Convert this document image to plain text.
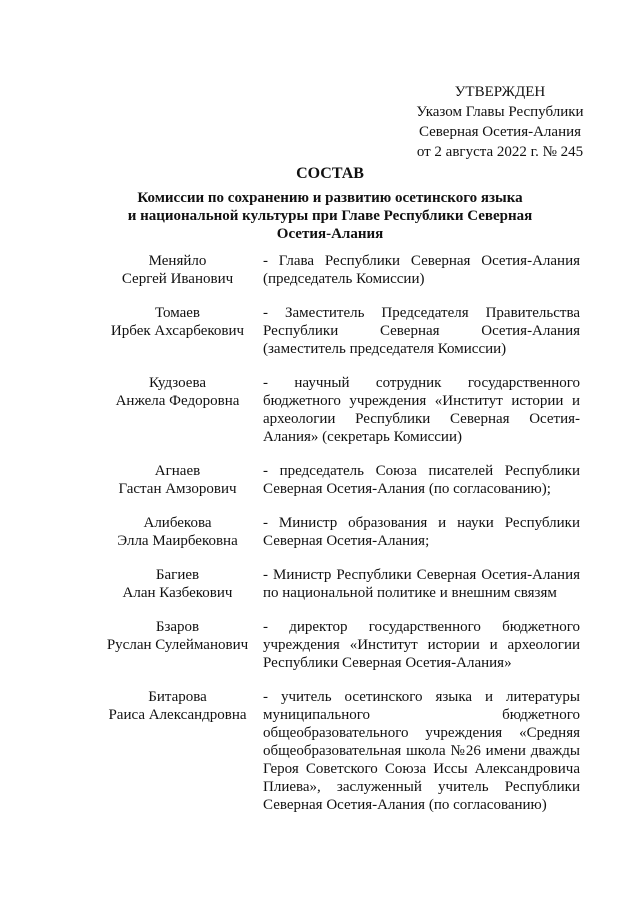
УТВЕРЖДЕН
Указом Главы Республики
Северная Осетия-Алания
от 2 августа 2022 г. № 245
СОСТАВ
Комиссии по сохранению и развитию осетинского языка
и национальной культуры при Главе Республики Северная
Осетия-Алания
Меняйло
Сергей Иванович
- Глава Республики Северная Осетия-Алания (председатель Комиссии)
Томаев
Ирбек Ахсарбекович
- Заместитель Председателя Правительства Республики Северная Осетия-Алания (заместитель председателя Комиссии)
Кудзоева
Анжела Федоровна
- научный сотрудник государственного бюджетного учреждения «Институт истории и археологии Республики Северная Осетия-Алания» (секретарь Комиссии)
Агнаев
Гастан Амзорович
- председатель Союза писателей Республики Северная Осетия-Алания (по согласованию);
Алибекова
Элла Маирбековна
- Министр образования и науки Республики Северная Осетия-Алания;
Багиев
Алан Казбекович
- Министр Республики Северная Осетия-Алания по национальной политике и внешним связям
Бзаров
Руслан Сулейманович
- директор государственного бюджетного учреждения «Институт истории и археологии Республики Северная Осетия-Алания»
Битарова
Раиса Александровна
- учитель осетинского языка и литературы муниципального бюджетного общеобразовательного учреждения «Средняя общеобразовательная школа №26 имени дважды Героя Советского Союза Иссы Александровича Плиева», заслуженный учитель Республики Северная Осетия-Алания (по согласованию)
